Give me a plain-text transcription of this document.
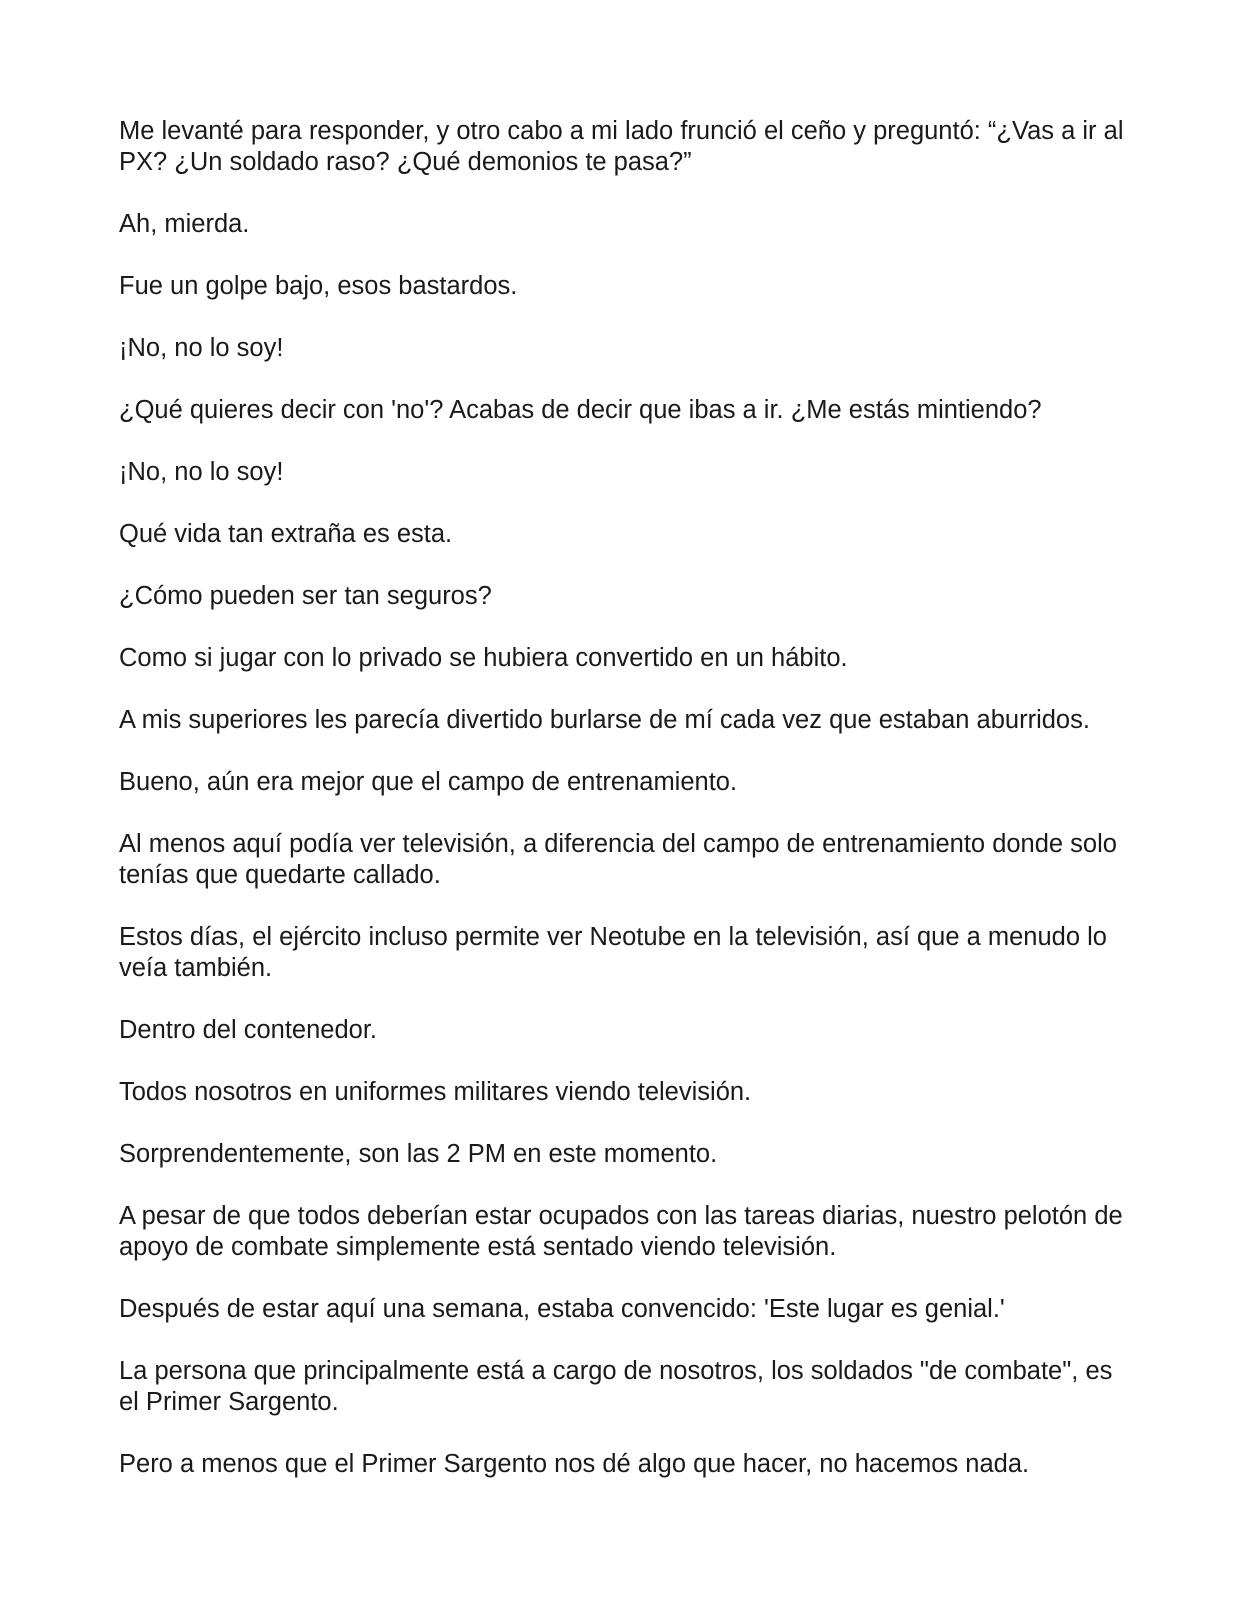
Me levanté para responder, y otro cabo a mi lado frunció el ceño y preguntó: “¿Vas a ir al PX? ¿Un soldado raso? ¿Qué demonios te pasa?”

Ah, mierda.

Fue un golpe bajo, esos bastardos.

¡No, no lo soy!

¿Qué quieres decir con 'no'? Acabas de decir que ibas a ir. ¿Me estás mintiendo?

¡No, no lo soy!

Qué vida tan extraña es esta.

¿Cómo pueden ser tan seguros?

Como si jugar con lo privado se hubiera convertido en un hábito.

A mis superiores les parecía divertido burlarse de mí cada vez que estaban aburridos.

Bueno, aún era mejor que el campo de entrenamiento.

Al menos aquí podía ver televisión, a diferencia del campo de entrenamiento donde solo tenías que quedarte callado.

Estos días, el ejército incluso permite ver Neotube en la televisión, así que a menudo lo veía también.

Dentro del contenedor.

Todos nosotros en uniformes militares viendo televisión.

Sorprendentemente, son las 2 PM en este momento.

A pesar de que todos deberían estar ocupados con las tareas diarias, nuestro pelotón de apoyo de combate simplemente está sentado viendo televisión.

Después de estar aquí una semana, estaba convencido: 'Este lugar es genial.'

La persona que principalmente está a cargo de nosotros, los soldados "de combate", es el Primer Sargento.

Pero a menos que el Primer Sargento nos dé algo que hacer, no hacemos nada.
